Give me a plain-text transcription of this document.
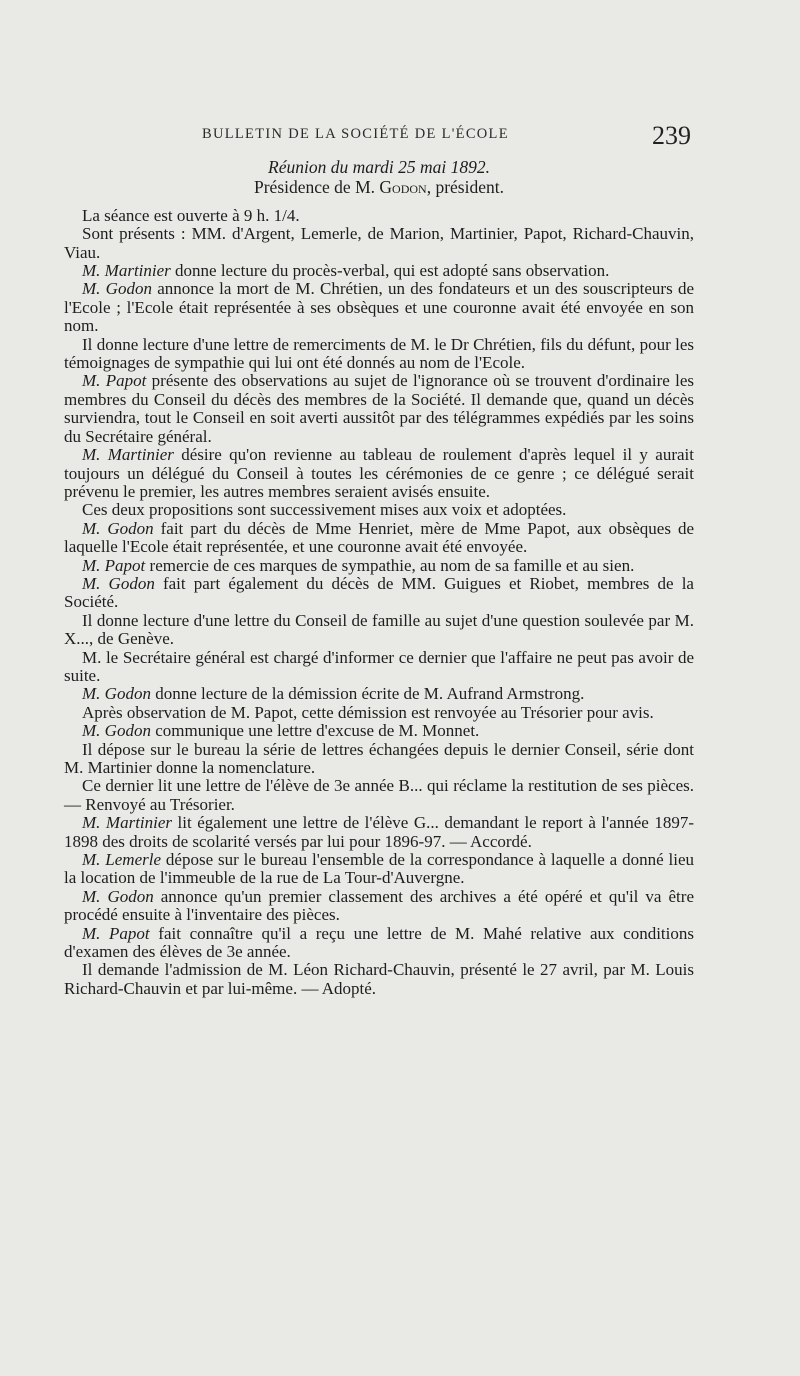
BULLETIN DE LA SOCIÉTÉ DE L'ÉCOLE	239

Réunion du mardi 25 mai 1892.

Présidence de M. Godon, président.

La séance est ouverte à 9 h. 1/4.

Sont présents : MM. d'Argent, Lemerle, de Marion, Martinier, Papot, Richard-Chauvin, Viau.

M. Martinier donne lecture du procès-verbal, qui est adopté sans observation.

M. Godon annonce la mort de M. Chrétien, un des fondateurs et un des souscripteurs de l'Ecole ; l'Ecole était représentée à ses obsèques et une couronne avait été envoyée en son nom.

Il donne lecture d'une lettre de remerciments de M. le Dr Chrétien, fils du défunt, pour les témoignages de sympathie qui lui ont été donnés au nom de l'Ecole.

M. Papot présente des observations au sujet de l'ignorance où se trouvent d'ordinaire les membres du Conseil du décès des membres de la Société. Il demande que, quand un décès surviendra, tout le Conseil en soit averti aussitôt par des télégrammes expédiés par les soins du Secrétaire général.

M. Martinier désire qu'on revienne au tableau de roulement d'après lequel il y aurait toujours un délégué du Conseil à toutes les cérémonies de ce genre ; ce délégué serait prévenu le premier, les autres membres seraient avisés ensuite.

Ces deux propositions sont successivement mises aux voix et adoptées.

M. Godon fait part du décès de Mme Henriet, mère de Mme Papot, aux obsèques de laquelle l'Ecole était représentée, et une couronne avait été envoyée.

M. Papot remercie de ces marques de sympathie, au nom de sa famille et au sien.

M. Godon fait part également du décès de MM. Guigues et Riobet, membres de la Société.

Il donne lecture d'une lettre du Conseil de famille au sujet d'une question soulevée par M. X..., de Genève.

M. le Secrétaire général est chargé d'informer ce dernier que l'affaire ne peut pas avoir de suite.

M. Godon donne lecture de la démission écrite de M. Aufrand Armstrong.

Après observation de M. Papot, cette démission est renvoyée au Trésorier pour avis.

M. Godon communique une lettre d'excuse de M. Monnet.

Il dépose sur le bureau la série de lettres échangées depuis le dernier Conseil, série dont M. Martinier donne la nomenclature.

Ce dernier lit une lettre de l'élève de 3e année B... qui réclame la restitution de ses pièces. — Renvoyé au Trésorier.

M. Martinier lit également une lettre de l'élève G... demandant le report à l'année 1897-1898 des droits de scolarité versés par lui pour 1896-97. — Accordé.

M. Lemerle dépose sur le bureau l'ensemble de la correspondance à laquelle a donné lieu la location de l'immeuble de la rue de La Tour-d'Auvergne.

M. Godon annonce qu'un premier classement des archives a été opéré et qu'il va être procédé ensuite à l'inventaire des pièces.

M. Papot fait connaître qu'il a reçu une lettre de M. Mahé relative aux conditions d'examen des élèves de 3e année.

Il demande l'admission de M. Léon Richard-Chauvin, présenté le 27 avril, par M. Louis Richard-Chauvin et par lui-même. — Adopté.
